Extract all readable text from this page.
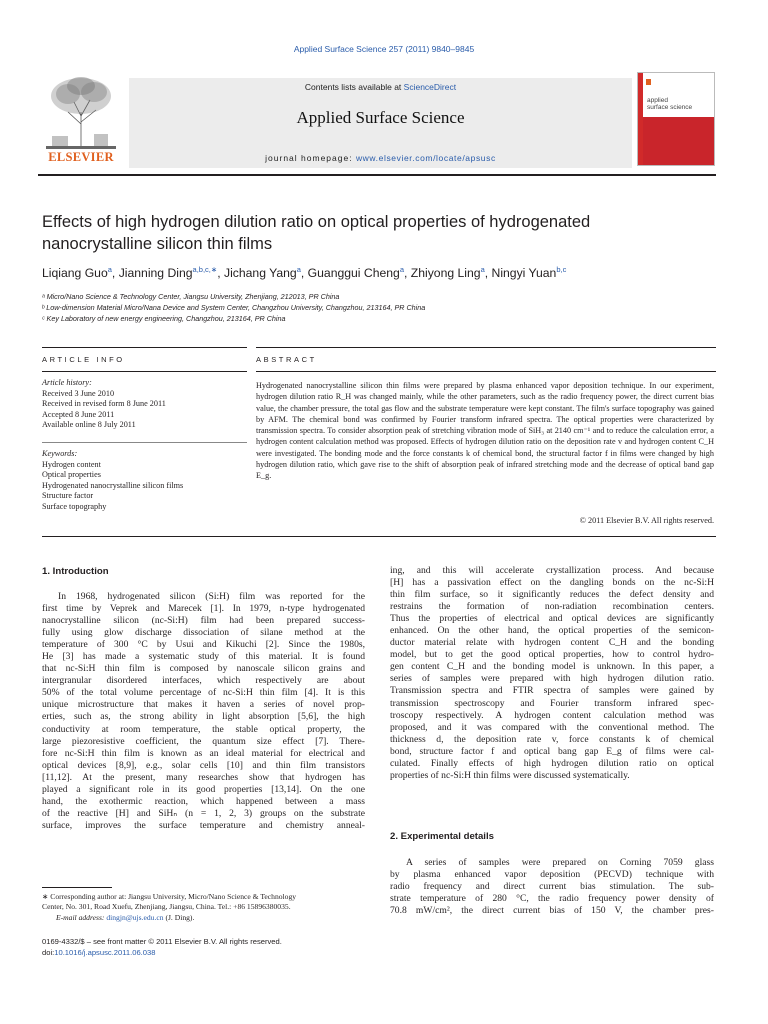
Applied Surface Science 257 (2011) 9840–9845
ELSEVIER
Contents lists available at ScienceDirect
Applied Surface Science
journal homepage: www.elsevier.com/locate/apsusc
applied
surface science
Effects of high hydrogen dilution ratio on optical properties of hydrogenated
nanocrystalline silicon thin films
Liqiang Guo$^a$, Jianning Ding$^{a,b,c,∗}$, Jichang Yang$^a$, Guanggui Cheng$^a$, Zhiyong Ling$^a$, Ningyi Yuan$^{b,c}$
ᵃ Micro/Nano Science & Technology Center, Jiangsu University, Zhenjiang, 212013, PR China
ᵇ Low-dimension Material Micro/Nana Device and System Center, Changzhou University, Changzhou, 213164, PR China
ᶜ Key Laboratory of new energy engineering, Changzhou, 213164, PR China
ARTICLE INFO	ABSTRACT
Article history:
Received 3 June 2010
Received in revised form 8 June 2011
Accepted 8 June 2011
Available online 8 July 2011
Keywords:
Hydrogen content
Optical properties
Hydrogenated nanocrystalline silicon films
Structure factor
Surface topography
Hydrogenated nanocrystalline silicon thin films were prepared by plasma enhanced vapor deposition technique. In our experiment, hydrogen dilution ratio R_H was changed mainly, while the other parameters, such as the radio frequency power, the direct current bias value, the chamber pressure, the total gas flow and the substrate temperature were kept constant. The film's surface topography was gained by AFM. The chemical bond was confirmed by Fourier transform infrared spectra. The optical properties were characterized by transmission spectra. To consider absorption peak of stretching vibration mode of SiH₃ at 2140 cm⁻¹ and to reduce the calculation error, a hydrogen content calculation method was proposed. Effects of hydrogen dilution ratio on the deposition rate v and hydrogen content C_H were investigated. The bonding mode and the force constants k of chemical bond, the structural factor f in films were changed by high hydrogen dilution ratio, which gave rise to the shift of absorption peak of infrared stretching mode and the decrease of optical band gap E_g.
© 2011 Elsevier B.V. All rights reserved.
1. Introduction
In 1968, hydrogenated silicon (Si:H) film was reported for the
first time by Veprek and Marecek [1]. In 1979, n-type hydrogenated
nanocrystalline silicon (nc-Si:H) film had been prepared success-
fully using glow discharge dissociation of silane method at the
temperature of 300 °C by Usui and Kikuchi [2]. Since the 1980s,
He [3] has made a systematic study of this material. It is found
that nc-Si:H thin film is composed by nanoscale silicon grains and
intergranular disordered interfaces, which respectively are about
50% of the total volume percentage of nc-Si:H thin film [4]. It is this
unique microstructure that makes it haven a series of novel prop-
erties, such as, the strong ability in light absorption [5,6], the high
conductivity at room temperature, the stable optical property, the
large piezoresistive coefficient, the quantum size effect [7]. There-
fore nc-Si:H thin film is known as an ideal material for electrical and
optical devices [8,9], e.g., solar cells [10] and thin film transistors
[11,12]. At the present, many researches show that hydrogen has
played a significant role in its good properties [13,14]. On the one
hand, the exothermic reaction, which happened between a mass
of the reactive [H] and SiHₙ (n = 1, 2, 3) groups on the substrate
surface, improves the surface temperature and chemistry anneal-
ing, and this will accelerate crystallization process. And because
[H] has a passivation effect on the dangling bonds on the nc-Si:H
thin film surface, so it significantly reduces the defect density and
restrains the formation of non-radiation recombination centers.
Thus the properties of electrical and optical devices are significantly
enhanced. On the other hand, the optical properties of the semicon-
ductor material relate with hydrogen content C_H and the bonding
model, but to get the good optical properties, how to control hydro-
gen content C_H and the bonding model is unknown. In this paper, a
series of samples were prepared with high hydrogen dilution ratio.
Transmission spectra and FTIR spectra of samples were gained by
transmission spectroscopy and Fourier transform infrared spec-
troscopy respectively. A hydrogen content calculation method was
proposed, and it was compared with the conventional method. The
thickness d, the deposition rate v, force constants k of chemical
bond, structure factor f and optical bang gap E_g of films were cal-
culated. Finally effects of high hydrogen dilution ratio on optical
properties of nc-Si:H thin films were discussed systematically.
2. Experimental details
A series of samples were prepared on Corning 7059 glass
by plasma enhanced vapor deposition (PECVD) technique with
radio frequency and direct current bias stimulation. The sub-
strate temperature of 280 °C, the radio frequency power density of
70.8 mW/cm², the direct current bias of 150 V, the chamber pres-
∗ Corresponding author at: Jiangsu University, Micro/Nano Science & Technology
Center, No. 301, Road Xuefu, Zhenjiang, Jiangsu, China. Tel.: +86 15896380035.
E-mail address: dingjn@ujs.edu.cn (J. Ding).
0169-4332/$ – see front matter © 2011 Elsevier B.V. All rights reserved.
doi:10.1016/j.apsusc.2011.06.038
